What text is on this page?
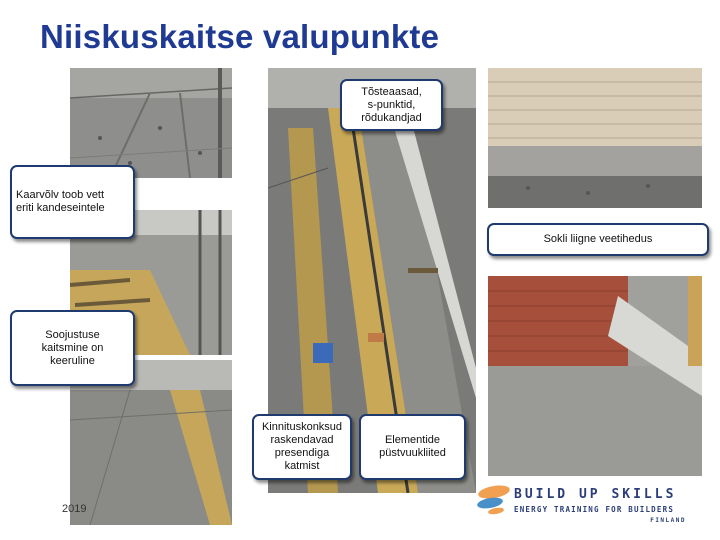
Niiskuskaitse valupunkte
Tõsteaasad,
s-punktid,
rõdukandjad
Kaarvõlv toob vett
eriti kandeseintele
Sokli liigne veetihedus
Soojustuse
kaitsmine on
keeruline
Kinnituskonksud
raskendavad
presendiga
katmist
Elementide
püstvuukliited
2019
BUILD UP SKILLS
ENERGY TRAINING FOR BUILDERS
FINLAND
